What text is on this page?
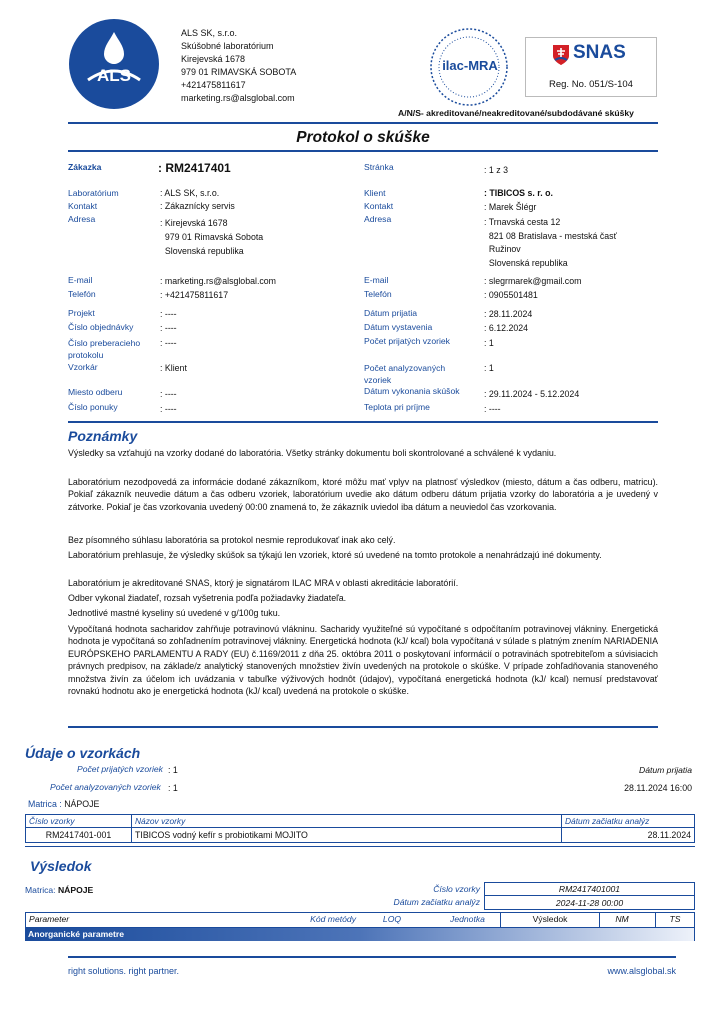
ALS
ALS SK, s.r.o.
Skúšobné laboratórium
Kirejevská 1678
979 01 RIMAVSKÁ SOBOTA
+421475811617
marketing.rs@alsglobal.com
ilac-MRA
SNAS
Reg. No. 051/S-104
A/N/S- akreditované/neakreditované/subdodávané skúšky
Protokol o skúške
Zákazka	: RM2417401
Laboratórium	: ALS SK, s.r.o.
Kontakt	: Zákaznícky servis
Adresa	: Kirejevská 1678
979 01 Rimavská Sobota
Slovenská republika
E-mail	: marketing.rs@alsglobal.com
Telefón	: +421475811617
Projekt	: ----
Číslo objednávky	: ----
Číslo preberacieho
protokolu
: ----
Vzorkár	: Klient
Miesto odberu	: ----
Číslo ponuky	: ----
Stránka	: 1 z 3
Klient	: TIBICOS s. r. o.
Kontakt	: Marek Šlégr
Adresa	: Trnavská cesta 12
821 08 Bratislava - mestská časť
Ružinov
Slovenská republika
E-mail	: slegrmarek@gmail.com
Telefón	: 0905501481
Dátum prijatia	: 28.11.2024
Dátum vystavenia	: 6.12.2024
Počet prijatých vzoriek	: 1
Počet analyzovaných
vzoriek
: 1
Dátum vykonania skúšok	: 29.11.2024 - 5.12.2024
Teplota pri príjme	: ----
Poznámky

Výsledky sa vzťahujú na vzorky dodané do laboratória. Všetky stránky dokumentu boli skontrolované a schválené k vydaniu.

Laboratórium nezodpovedá za informácie dodané zákazníkom, ktoré môžu mať vplyv na platnosť výsledkov (miesto, dátum a čas odberu, matricu). Pokiaľ zákazník neuvedie dátum a čas odberu vzoriek, laboratórium uvedie ako dátum odberu dátum prijatia vzorky do laboratória a je uvedený v zátvorke. Pokiaľ je čas vzorkovania uvedený 00:00 znamená to, že zákazník uviedol iba dátum a neuviedol čas vzorkovania.

Bez písomného súhlasu laboratória sa protokol nesmie reprodukovať inak ako celý.

Laboratórium prehlasuje, že výsledky skúšok sa týkajú len vzoriek, ktoré sú uvedené na tomto protokole a nenahrádzajú iné dokumenty.

Laboratórium je akreditované SNAS, ktorý je signatárom ILAC MRA v oblasti akreditácie laboratórií.

Odber vykonal žiadateľ, rozsah vyšetrenia podľa požiadavky žiadateľa.

Jednotlivé mastné kyseliny sú uvedené v g/100g tuku.

Vypočítaná hodnota sacharidov zahŕňuje potravinovú vlákninu. Sacharidy využiteľné sú vypočítané s odpočítaním potravinovej vlákniny. Energetická hodnota je vypočítaná so zohľadnením potravinovej vlákniny. Energetická hodnota (kJ/ kcal) bola vypočítaná v súlade s platným znením NARIADENIA EURÓPSKEHO PARLAMENTU A RADY (EU) č.1169/2011 z dňa 25. októbra 2011 o poskytovaní informácií o potravinách spotrebiteľom a súvisiacich právnych predpisov, na základe/z analytický stanovených množstiev živín uvedených na protokole o skúške. V prípade zohľadňovania stanoveného množstva živín za účelom ich uvádzania v tabuľke výživových hodnôt (údajov), vypočítaná energetická hodnota (kJ/ kcal) nemusí predstavovať rovnakú hodnotu ako je energetická hodnota (kJ/ kcal) uvedená na protokole o skúške.

Údaje o vzorkách
Počet prijatých vzoriek : 1
Počet analyzovaných vzoriek : 1
Dátum prijatia
28.11.2024 16:00
Matrica : NÁPOJE
Číslo vzorky	Názov vzorky	Dátum začiatku analýz
RM2417401-001	TIBICOS vodný kefír s probiotikami MOJITO	28.11.2024
Výsledok
Matrica: NÁPOJE	Číslo vzorky
Dátum začiatku analýz
RM2417401001
2024-11-28 00:00
Parameter	Kód metódy	LOQ	Jednotka	Výsledok	NM	TS
Anorganické parametre
right solutions. right partner.	www.alsglobal.sk
